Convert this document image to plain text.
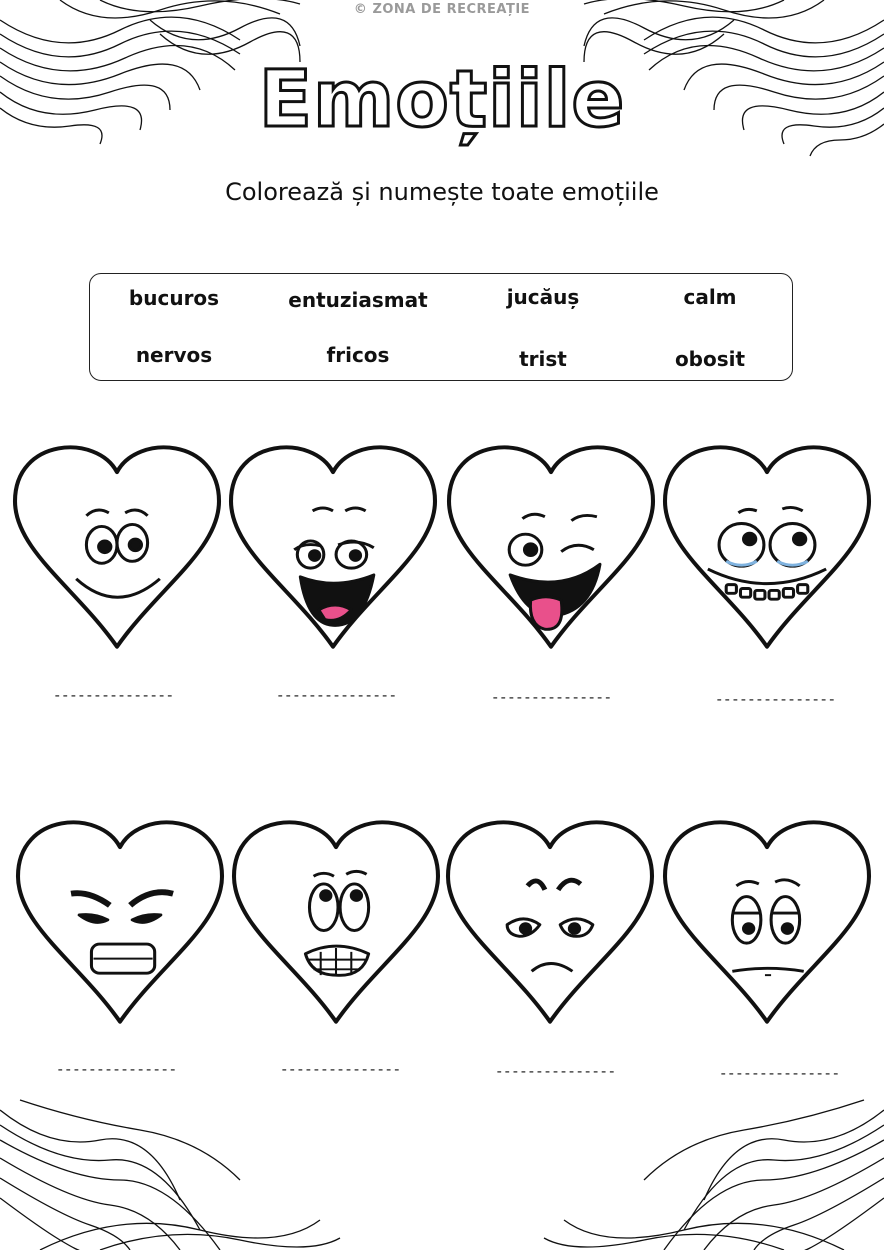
© ZONA DE RECREAȚIE
Emoțiile
Colorează și numește toate emoțiile
bucuros	entuziasmat	jucăuș	calm
nervos	fricos	trist	obosit
---------------	---------------	---------------	---------------
---------------	---------------	---------------	---------------
